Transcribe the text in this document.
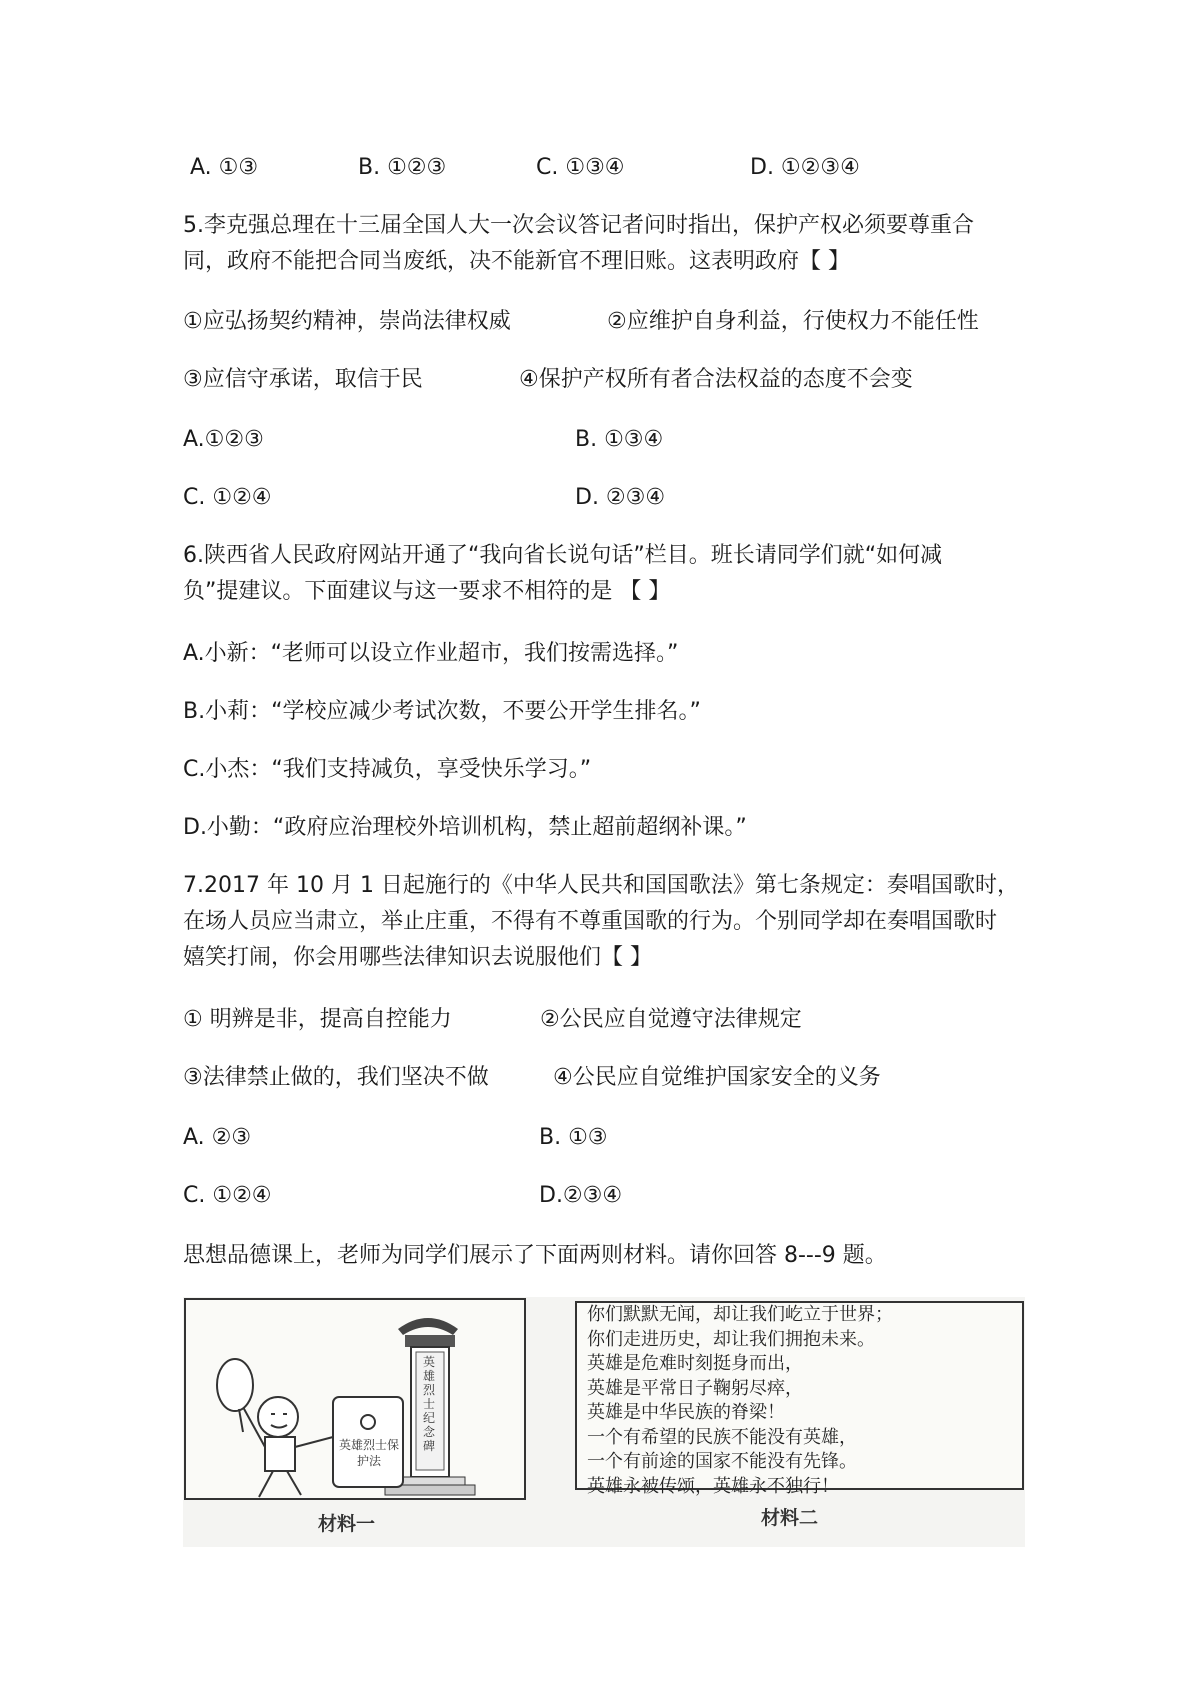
A. ①③	B. ①②③	C. ①③④	D. ①②③④
5.李克强总理在十三届全国人大一次会议答记者问时指出，保护产权必须要尊重合
同，政府不能把合同当废纸，决不能新官不理旧账。这表明政府【 】
①应弘扬契约精神，崇尚法律权威	②应维护自身利益，行使权力不能任性
③应信守承诺，取信于民	④保护产权所有者合法权益的态度不会变
A.①②③	B. ①③④
C. ①②④	D. ②③④
6.陕西省人民政府网站开通了“我向省长说句话”栏目。班长请同学们就“如何减
负”提建议。下面建议与这一要求不相符的是 【 】
A.小新：“老师可以设立作业超市，我们按需选择。”
B.小莉：“学校应减少考试次数，不要公开学生排名。”
C.小杰：“我们支持减负，享受快乐学习。”
D.小勤：“政府应治理校外培训机构，禁止超前超纲补课。”
7.2017 年 10 月 1 日起施行的《中华人民共和国国歌法》第七条规定：奏唱国歌时，
在场人员应当肃立，举止庄重，不得有不尊重国歌的行为。个别同学却在奏唱国歌时
嬉笑打闹，你会用哪些法律知识去说服他们【 】
① 明辨是非，提高自控能力	②公民应自觉遵守法律规定
③法律禁止做的，我们坚决不做	④公民应自觉维护国家安全的义务
A. ②③	B. ①③
C. ①②④	D.②③④
思想品德课上，老师为同学们展示了下面两则材料。请你回答 8---9 题。
英雄烈士纪念碑
英雄烈士保护法
材料一
你们默默无闻，却让我们屹立于世界；
你们走进历史，却让我们拥抱未来。
英雄是危难时刻挺身而出，
英雄是平常日子鞠躬尽瘁，
英雄是中华民族的脊梁！
一个有希望的民族不能没有英雄，
一个有前途的国家不能没有先锋。
英雄永被传颂，英雄永不独行！
材料二
